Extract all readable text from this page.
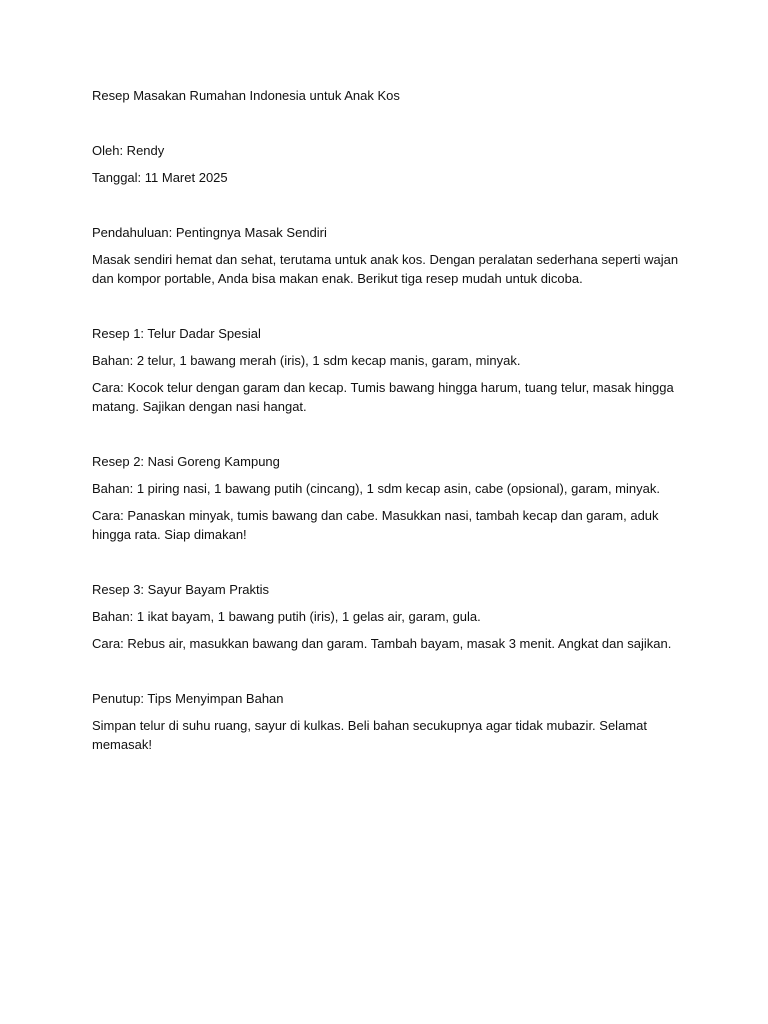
Resep Masakan Rumahan Indonesia untuk Anak Kos

Oleh: Rendy

Tanggal: 11 Maret 2025

Pendahuluan: Pentingnya Masak Sendiri

Masak sendiri hemat dan sehat, terutama untuk anak kos. Dengan peralatan sederhana seperti wajan dan kompor portable, Anda bisa makan enak. Berikut tiga resep mudah untuk dicoba.

Resep 1: Telur Dadar Spesial

Bahan: 2 telur, 1 bawang merah (iris), 1 sdm kecap manis, garam, minyak.

Cara: Kocok telur dengan garam dan kecap. Tumis bawang hingga harum, tuang telur, masak hingga matang. Sajikan dengan nasi hangat.

Resep 2: Nasi Goreng Kampung

Bahan: 1 piring nasi, 1 bawang putih (cincang), 1 sdm kecap asin, cabe (opsional), garam, minyak.

Cara: Panaskan minyak, tumis bawang dan cabe. Masukkan nasi, tambah kecap dan garam, aduk hingga rata. Siap dimakan!

Resep 3: Sayur Bayam Praktis

Bahan: 1 ikat bayam, 1 bawang putih (iris), 1 gelas air, garam, gula.

Cara: Rebus air, masukkan bawang dan garam. Tambah bayam, masak 3 menit. Angkat dan sajikan.

Penutup: Tips Menyimpan Bahan

Simpan telur di suhu ruang, sayur di kulkas. Beli bahan secukupnya agar tidak mubazir. Selamat memasak!
